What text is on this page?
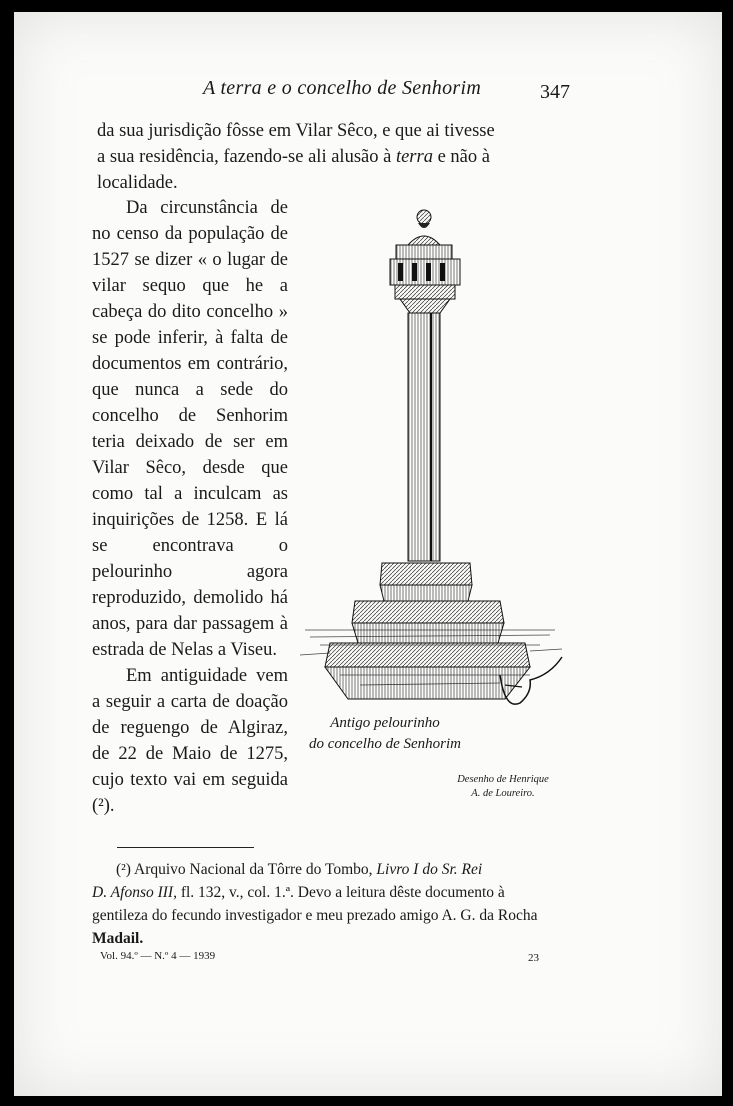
A terra e o concelho de Senhorim	347
da sua jurisdição fôsse em Vilar Sêco, e que ai tivesse
a sua residência, fazendo-se ali alusão à terra e não à
localidade.

Da circunstância de no censo da população de 1527 se dizer « o lugar de vilar sequo que he a cabeça do dito concelho » se pode inferir, à falta de documentos em contrário, que nunca a sede do concelho de Senhorim teria deixado de ser em Vilar Sêco, desde que como tal a inculcam as inquirições de 1258. E lá se encontrava o pelourinho agora reproduzido, demolido há anos, para dar passagem à estrada de Nelas a Viseu.

Em antiguidade vem a seguir a carta de doação de reguengo de Algiraz, de 22 de Maio de 1275, cujo texto vai em seguida (²).

HLoureiro
Antigo pelourinho
do concelho de Senhorim
Desenho de Henrique
A. de Loureiro.
(²) Arquivo Nacional da Tôrre do Tombo, Livro I do Sr. Rei
D. Afonso III, fl. 132, v., col. 1.ª. Devo a leitura dêste documento à
gentileza do fecundo investigador e meu prezado amigo A. G. da Rocha
Madail.
Vol. 94.º — N.º 4 — 1939	23
